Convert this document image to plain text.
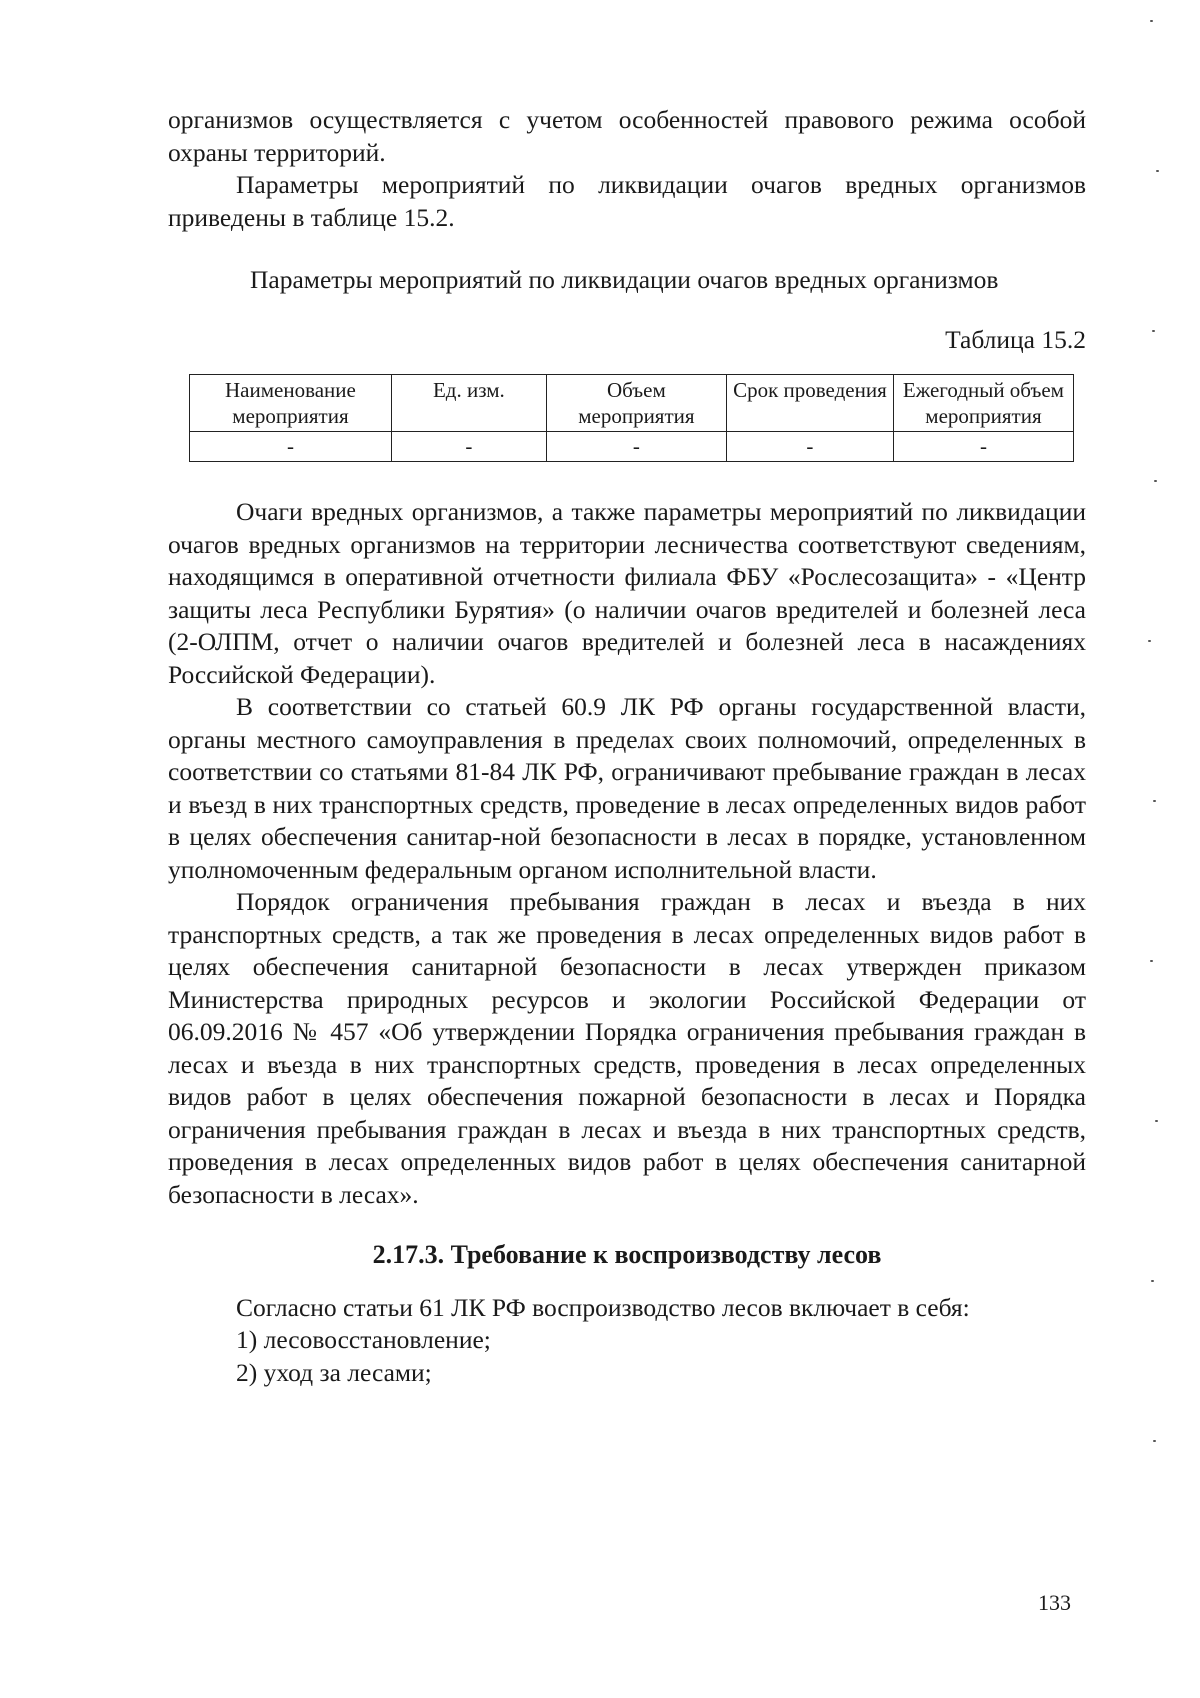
организмов осуществляется с учетом особенностей правового режима особой охраны территорий.

Параметры мероприятий по ликвидации очагов вредных организмов приведены в таблице 15.2.

Параметры мероприятий по ликвидации очагов вредных организмов

Таблица 15.2

Наименование мероприятия	Ед. изм.	Объем мероприятия	Срок проведения	Ежегодный объем мероприятия
-	-	-	-	-

Очаги вредных организмов, а также параметры мероприятий по ликвидации очагов вредных организмов на территории лесничества соответствуют сведениям, находящимся в оперативной отчетности филиала ФБУ «Рослесозащита» - «Центр защиты леса Республики Бурятия» (о наличии очагов вредителей и болезней леса (2-ОЛПМ, отчет о наличии очагов вредителей и болезней леса в насаждениях Российской Федерации).

В соответствии со статьей 60.9 ЛК РФ органы государственной власти, органы местного самоуправления в пределах своих полномочий, определенных в соответствии со статьями 81-84 ЛК РФ, ограничивают пребывание граждан в лесах и въезд в них транспортных средств, проведение в лесах определенных видов работ в целях обеспечения санитар-ной безопасности в лесах в порядке, установленном уполномоченным федеральным органом исполнительной власти.

Порядок ограничения пребывания граждан в лесах и въезда в них транспортных средств, а так же проведения в лесах определенных видов работ в целях обеспечения санитарной безопасности в лесах утвержден приказом Министерства природных ресурсов и экологии Российской Федерации от 06.09.2016 № 457 «Об утверждении Порядка ограничения пребывания граждан в лесах и въезда в них транспортных средств, проведения в лесах определенных видов работ в целях обеспечения пожарной безопасности в лесах и Порядка ограничения пребывания граждан в лесах и въезда в них транспортных средств, проведения в лесах определенных видов работ в целях обеспечения санитарной безопасности в лесах».

2.17.3. Требование к воспроизводству лесов

Согласно статьи 61 ЛК РФ воспроизводство лесов включает в себя:

1) лесовосстановление;

2) уход за лесами;

133
